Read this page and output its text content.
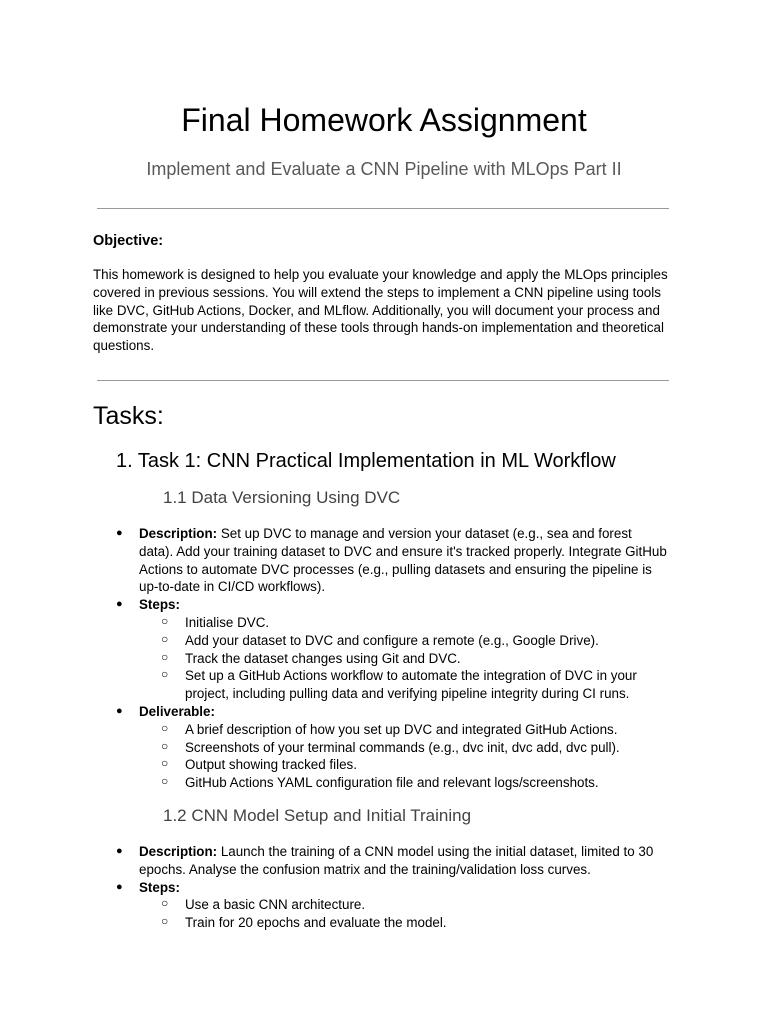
Final Homework Assignment
Implement and Evaluate a CNN Pipeline with MLOps Part II

Objective:

This homework is designed to help you evaluate your knowledge and apply the MLOps principles covered in previous sessions. You will extend the steps to implement a CNN pipeline using tools like DVC, GitHub Actions, Docker, and MLflow. Additionally, you will document your process and demonstrate your understanding of these tools through hands-on implementation and theoretical questions.

Tasks:
1. Task 1: CNN Practical Implementation in ML Workflow
1.1 Data Versioning Using DVC
●	Description: Set up DVC to manage and version your dataset (e.g., sea and forest data). Add your training dataset to DVC and ensure it's tracked properly. Integrate GitHub Actions to automate DVC processes (e.g., pulling datasets and ensuring the pipeline is up-to-date in CI/CD workflows).
●	Steps:
○	Initialise DVC.
○	Add your dataset to DVC and configure a remote (e.g., Google Drive).
○	Track the dataset changes using Git and DVC.
○	Set up a GitHub Actions workflow to automate the integration of DVC in your project, including pulling data and verifying pipeline integrity during CI runs.
●	Deliverable:
○	A brief description of how you set up DVC and integrated GitHub Actions.
○	Screenshots of your terminal commands (e.g., dvc init, dvc add, dvc pull).
○	Output showing tracked files.
○	GitHub Actions YAML configuration file and relevant logs/screenshots.
1.2 CNN Model Setup and Initial Training
●	Description: Launch the training of a CNN model using the initial dataset, limited to 30 epochs. Analyse the confusion matrix and the training/validation loss curves.
●	Steps:
○	Use a basic CNN architecture.
○	Train for 20 epochs and evaluate the model.
